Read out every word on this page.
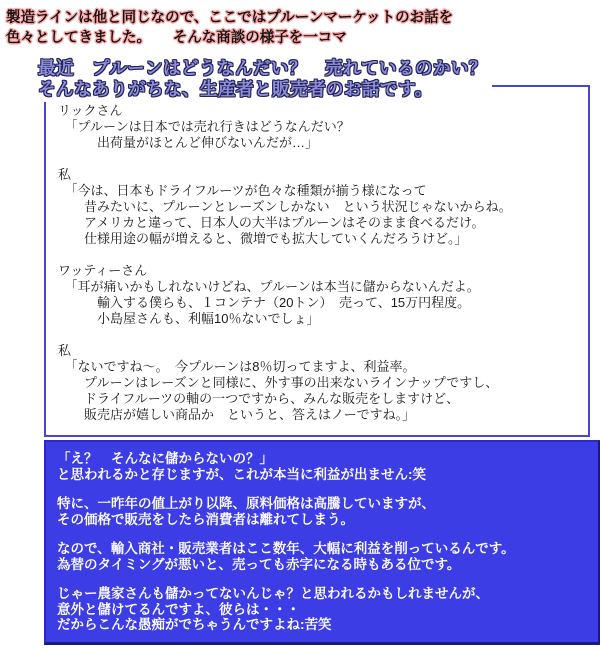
製造ラインは他と同じなので、ここではプルーンマーケットのお話を
色々としてきました。　　そんな商談の様子を一コマ

最近　プルーンはどうなんだい？　売れているのかい？
そんなありがちな、生産者と販売者のお話です。
リックさん
　「プルーンは日本では売れ行きはどうなんだい？
　　　出荷量がほとんど伸びないんだが…」
私
　「今は、日本もドライフルーツが色々な種類が揃う様になって
　　昔みたいに、プルーンとレーズンしかない　という状況じゃないからね。
　　アメリカと違って、日本人の大半はプルーンはそのまま食べるだけ。
　　仕様用途の幅が増えると、微増でも拡大していくんだろうけど。」
ワッティーさん
　「耳が痛いかもしれないけどね、プルーンは本当に儲からないんだよ。
　　　輸入する僕らも、１コンテナ（20トン）　売って、15万円程度。
　　　小島屋さんも、利幅10％ないでしょ」
私
　「ないですね～。　今プルーンは8％切ってますよ、利益率。
　　プルーンはレーズンと同様に、外す事の出来ないラインナップですし、
　　ドライフルーツの軸の一つですから、みんな販売をしますけど、
　　販売店が嬉しい商品か　というと、答えはノーですね。」
「え？　そんなに儲からないの？」
と思われるかと存じますが、これが本当に利益が出ません:笑
特に、一昨年の値上がり以降、原料価格は高騰していますが、
その価格で販売をしたら消費者は離れてしまう。
なので、輸入商社・販売業者はここ数年、大幅に利益を削っているんです。
為替のタイミングが悪いと、売っても赤字になる時もある位です。
じゃー農家さんも儲かってないんじゃ？と思われるかもしれませんが、
意外と儲けてるんですよ、彼らは・・・
だからこんな愚痴がでちゃうんですよね:苦笑
